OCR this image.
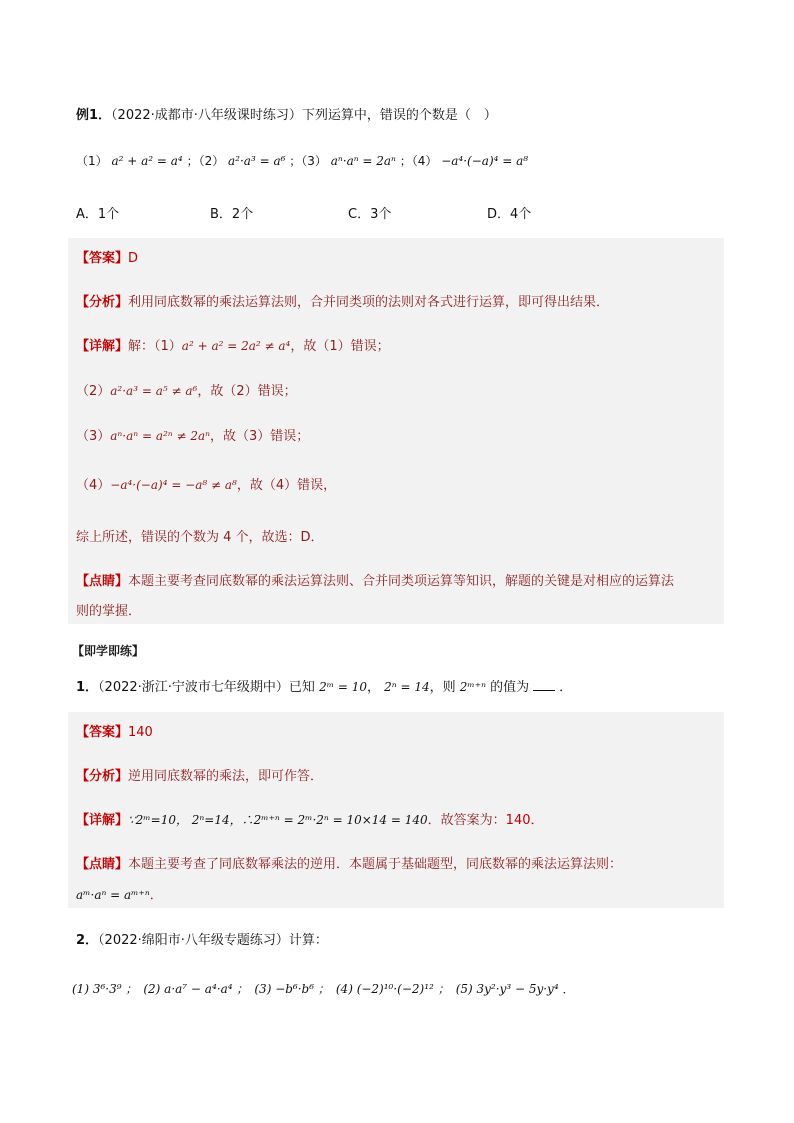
例1．（2022·成都市·八年级课时练习）下列运算中，错误的个数是（　）
（1） a² + a² = a⁴ ；（2） a²·a³ = a⁶ ；（3） aⁿ·aⁿ = 2aⁿ ；（4） −a⁴·(−a)⁴ = a⁸
A．1个	B．2个	C．3个	D．4个
【答案】D
【分析】利用同底数幂的乘法运算法则，合并同类项的法则对各式进行运算，即可得出结果．
【详解】解：（1）a² + a² = 2a² ≠ a⁴，故（1）错误；
（2）a²·a³ = a⁵ ≠ a⁶，故（2）错误；
（3）aⁿ·aⁿ = a²ⁿ ≠ 2aⁿ，故（3）错误；
（4）−a⁴·(−a)⁴ = −a⁸ ≠ a⁸，故（4）错误，
综上所述，错误的个数为 4 个，故选：D．
【点睛】本题主要考查同底数幂的乘法运算法则、合并同类项运算等知识，解题的关键是对相应的运算法
则的掌握．
【即学即练】
1．（2022·浙江·宁波市七年级期中）已知 2ᵐ = 10， 2ⁿ = 14，则 2ᵐ⁺ⁿ 的值为 ．
【答案】140
【分析】逆用同底数幂的乘法，即可作答．
【详解】∵2ᵐ=10， 2ⁿ=14，∴2ᵐ⁺ⁿ = 2ᵐ·2ⁿ = 10×14 = 140．故答案为：140．
【点睛】本题主要考查了同底数幂乘法的逆用．本题属于基础题型，同底数幂的乘法运算法则：
aᵐ·aⁿ = aᵐ⁺ⁿ．
2．（2022·绵阳市·八年级专题练习）计算：
(1) 3⁶·3⁹ ；　(2) a·a⁷ − a⁴·a⁴ ；　(3) −b⁶·b⁶ ；　(4) (−2)¹⁰·(−2)¹² ；　(5) 3y²·y³ − 5y·y⁴ ．
